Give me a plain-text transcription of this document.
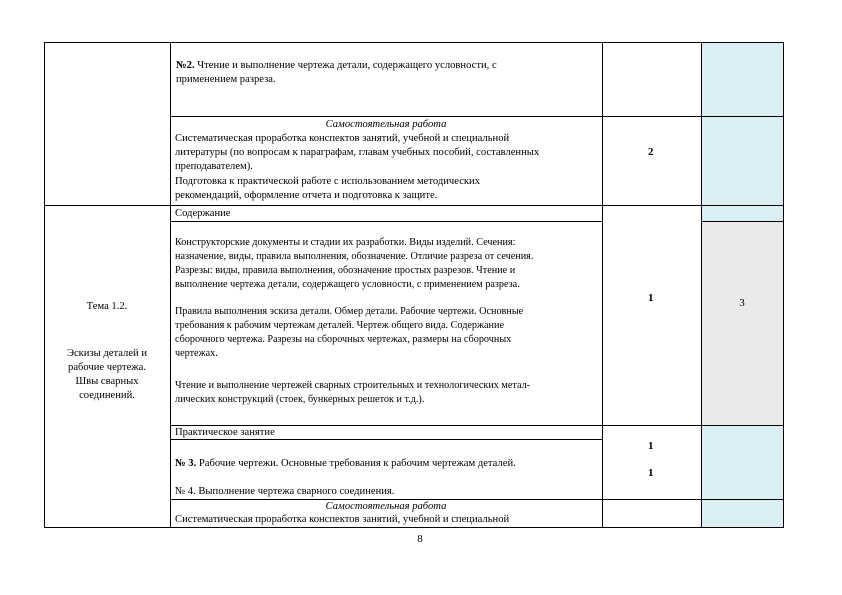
№2. Чтение и выполнение чертежа детали, содержащего условности, с
применением разреза.
Самостоятельная работа
Систематическая проработка конспектов занятий, учебной и специальной
литературы (по вопросам к параграфам, главам учебных пособий, составленных
преподавателем).
Подготовка к практической работе с использованием методических
рекомендаций, оформление отчета и подготовка к защите.
2
Тема 1.2.
Эскизы деталей и
рабочие чертежа.
Швы сварных
соединений.
Содержание
Конструкторские документы и стадии их разработки. Виды изделий. Сечения:
назначение, виды, правила выполнения, обозначение. Отличие разреза от сечения.
Разрезы: виды, правила выполнения, обозначение простых разрезов. Чтение и
выполнение чертежа детали, содержащего условности, с применением разреза.
Правила выполнения эскиза детали. Обмер детали. Рабочие чертежи. Основные
требования к рабочим чертежам деталей. Чертеж общего вида. Содержание
сборочного чертежа. Разрезы на сборочных чертежах, размеры на сборочных
чертежах.
Чтение и выполнение чертежей сварных строительных и технологических метал-
лических конструкций (стоек, бункерных решеток и т.д.).
1	3
Практическое занятие
№ 3. Рабочие чертежи. Основные требования к рабочим чертежам деталей.
№ 4. Выполнение чертежа сварного соединения.
1
1
Самостоятельная работа
Систематическая проработка конспектов занятий, учебной и специальной
8
